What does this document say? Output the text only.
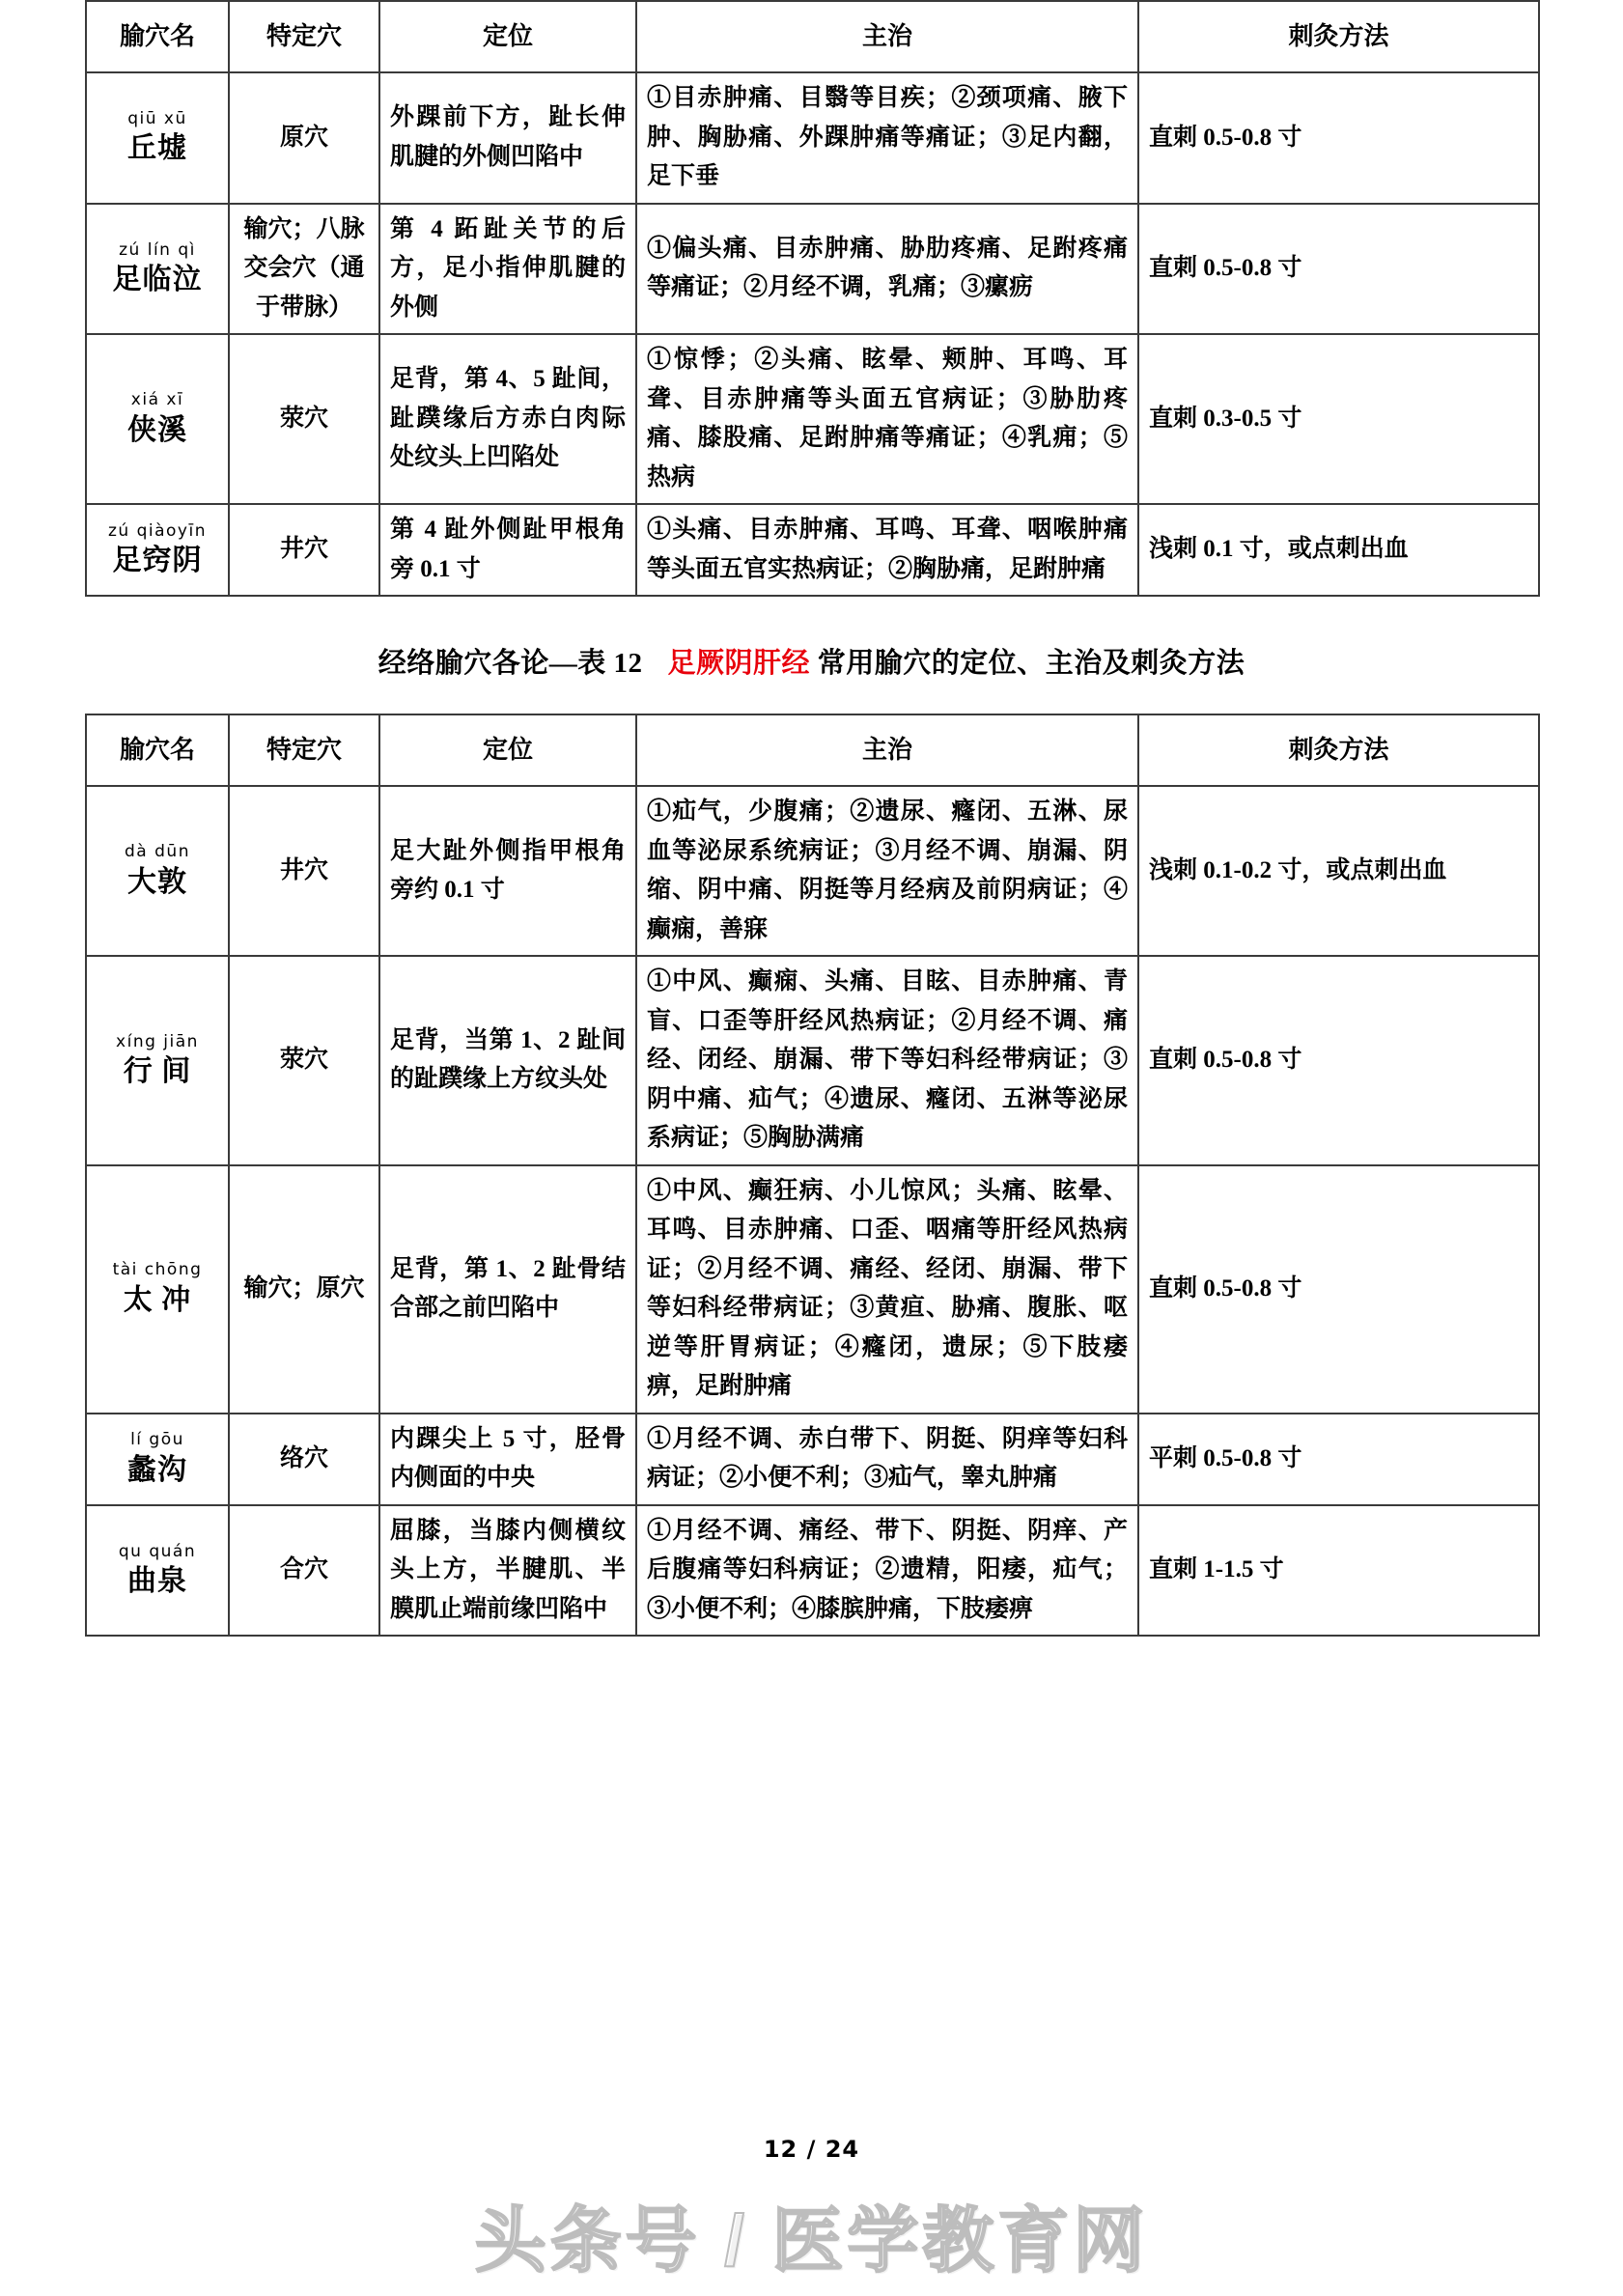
腧穴名	特定穴	定位	主治	刺灸方法

qiū xū
丘墟	原穴	外踝前下方，趾长伸肌腱的外侧凹陷中	①目赤肿痛、目翳等目疾；②颈项痛、腋下肿、胸胁痛、外踝肿痛等痛证；③足内翻，足下垂	直刺 0.5-0.8 寸

zú lín qì
足临泣	输穴；八脉交会穴（通于带脉）	第 4 跖趾关节的后方，足小指伸肌腱的外侧	①偏头痛、目赤肿痛、胁肋疼痛、足跗疼痛等痛证；②月经不调，乳痛；③瘰疬	直刺 0.5-0.8 寸

xiá xī
侠溪	荥穴	足背，第 4、5 趾间，趾蹼缘后方赤白肉际处纹头上凹陷处	①惊悸；②头痛、眩晕、颊肿、耳鸣、耳聋、目赤肿痛等头面五官病证；③胁肋疼痛、膝股痛、足跗肿痛等痛证；④乳痈；⑤热病	直刺 0.3-0.5 寸

zú qiàoyīn
足窍阴	井穴	第 4 趾外侧趾甲根角旁 0.1 寸	①头痛、目赤肿痛、耳鸣、耳聋、咽喉肿痛等头面五官实热病证；②胸胁痛，足跗肿痛	浅刺 0.1 寸，或点刺出血
经络腧穴各论—表 12 足厥阴肝经 常用腧穴的定位、主治及刺灸方法
腧穴名	特定穴	定位	主治	刺灸方法

dà dūn
大敦	井穴	足大趾外侧指甲根角旁约 0.1 寸	①疝气，少腹痛；②遗尿、癃闭、五淋、尿血等泌尿系统病证；③月经不调、崩漏、阴缩、阴中痛、阴挺等月经病及前阴病证；④癫痫，善寐	浅刺 0.1-0.2 寸，或点刺出血

xíng jiān
行 间	荥穴	足背，当第 1、2 趾间的趾蹼缘上方纹头处	①中风、癫痫、头痛、目眩、目赤肿痛、青盲、口歪等肝经风热病证；②月经不调、痛经、闭经、崩漏、带下等妇科经带病证；③阴中痛、疝气；④遗尿、癃闭、五淋等泌尿系病证；⑤胸胁满痛	直刺 0.5-0.8 寸

tài chōng
太 冲	输穴；原穴	足背，第 1、2 趾骨结合部之前凹陷中	①中风、癫狂病、小儿惊风；头痛、眩晕、耳鸣、目赤肿痛、口歪、咽痛等肝经风热病证；②月经不调、痛经、经闭、崩漏、带下等妇科经带病证；③黄疸、胁痛、腹胀、呕逆等肝胃病证；④癃闭，遗尿；⑤下肢痿痹，足跗肿痛	直刺 0.5-0.8 寸

lí gōu
蠡沟	络穴	内踝尖上 5 寸，胫骨内侧面的中央	①月经不调、赤白带下、阴挺、阴痒等妇科病证；②小便不利；③疝气，睾丸肿痛	平刺 0.5-0.8 寸

qu quán
曲泉	合穴	屈膝，当膝内侧横纹头上方，半腱肌、半膜肌止端前缘凹陷中	①月经不调、痛经、带下、阴挺、阴痒、产后腹痛等妇科病证；②遗精，阳痿，疝气；③小便不利；④膝膑肿痛，下肢痿痹	直刺 1-1.5 寸
12 / 24
头条号 / 医学教育网
